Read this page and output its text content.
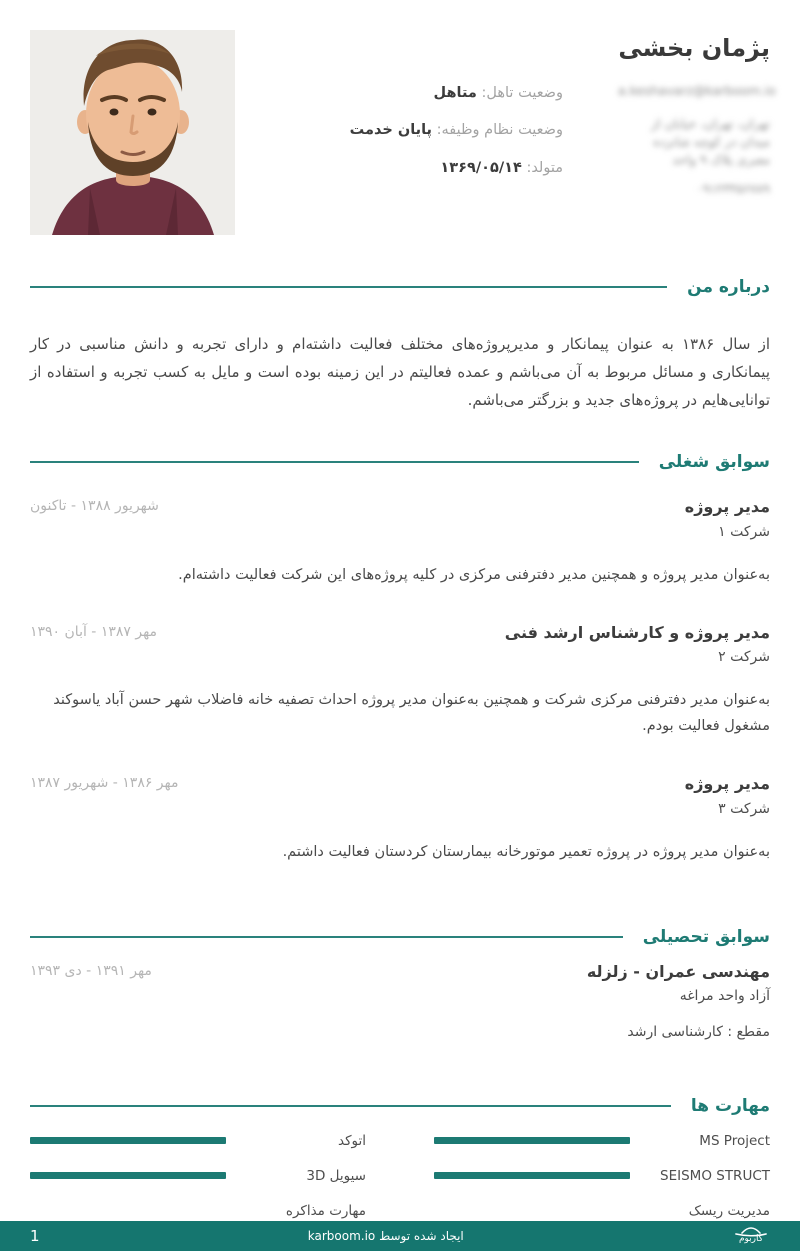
پژمان بخشی
a.keshavarz@karboom.io
تهران، تهران، خیابان از میدان در کوچه شانزده
معبری پلاک ۹ واحد
۰۹۱۲۳۴۵۶۷۸۹
وضعیت تاهل: متاهل
وضعیت نظام وظیفه: پایان خدمت
متولد: ۱۳۶۹/۰۵/۱۴
درباره من
از سال ۱۳۸۶ به عنوان پیمانکار و مدیرپروژه‌های مختلف فعالیت داشته‌ام و دارای تجربه و دانش مناسبی در کار پیمانکاری و مسائل مربوط به آن می‌باشم و عمده فعالیتم در این زمینه بوده است و مایل به کسب تجربه و استفاده از توانایی‌هایم در پروژه‌های جدید و بزرگتر می‌باشم.
سوابق شغلی
مدیر پروژه
شرکت ۱
شهریور ۱۳۸۸ - تاکنون
به‌عنوان مدیر پروژه و همچنین مدیر دفترفنی مرکزی در کلیه پروژه‌های این شرکت فعالیت داشته‌ام.
مدیر پروژه و کارشناس ارشد فنی
شرکت ۲
مهر ۱۳۸۷ - آبان ۱۳۹۰
به‌عنوان مدیر دفترفنی مرکزی شرکت و همچنین به‌عنوان مدیر پروژه احداث تصفیه خانه فاضلاب شهر حسن آباد یاسوکند مشغول فعالیت بودم.
مدیر پروژه
شرکت ۳
مهر ۱۳۸۶ - شهریور ۱۳۸۷
به‌عنوان مدیر پروژه در پروژه تعمیر موتورخانه بیمارستان کردستان فعالیت داشتم.
سوابق تحصیلی
مهندسی عمران - زلزله
آزاد واحد مراغه
مهر ۱۳۹۱ - دی ۱۳۹۳
مقطع : کارشناسی ارشد
مهارت ها
MS Project
اتوکد
SEISMO STRUCT
سیویل 3D
مدیریت ریسک
مهارت مذاکره
کاربوم
ایجاد شده توسط karboom.io
1
